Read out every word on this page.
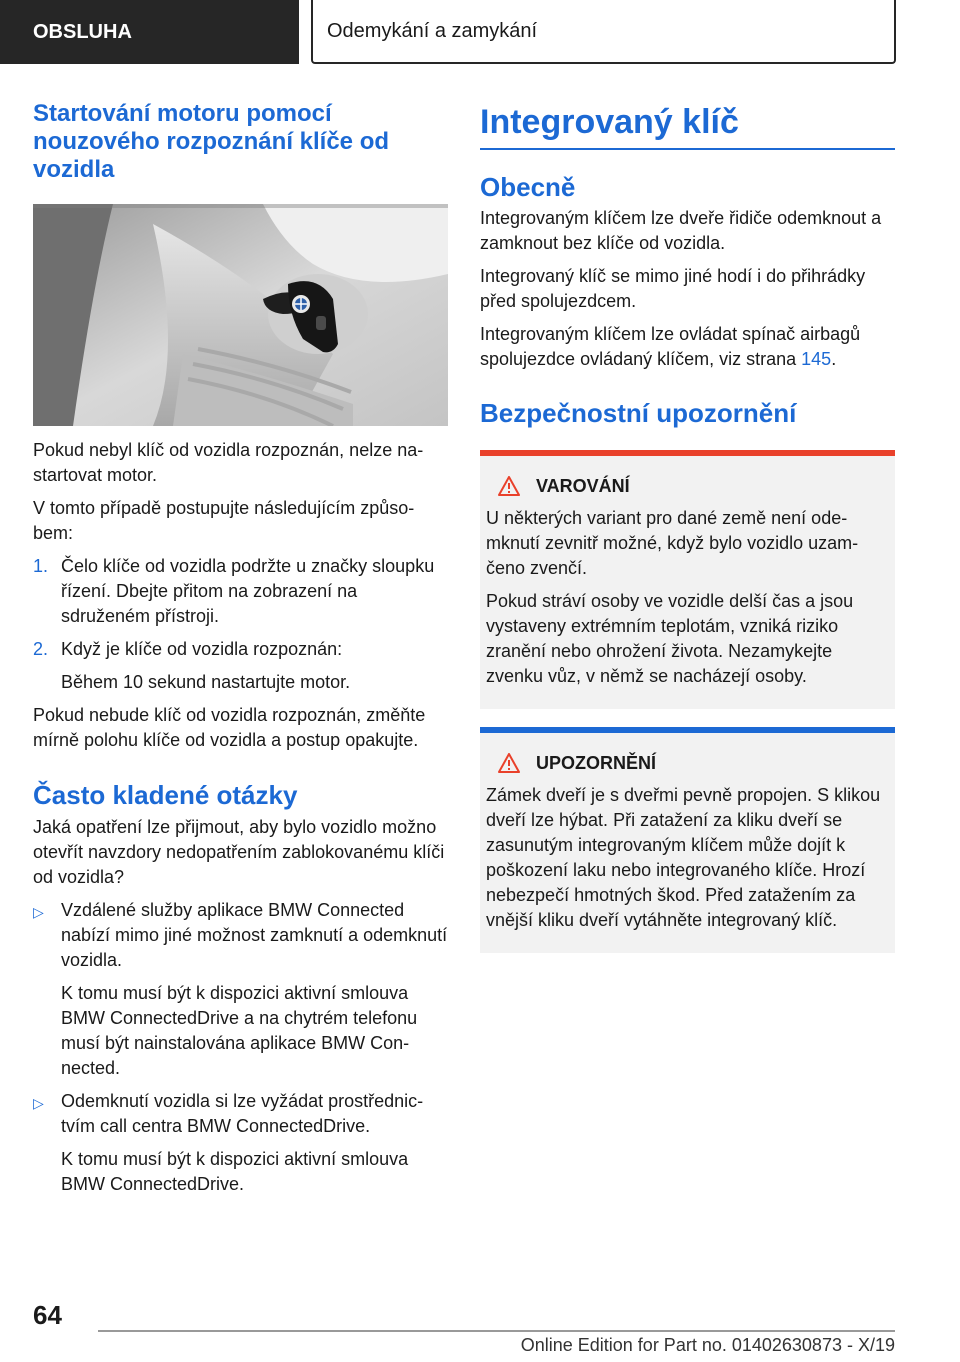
OBSLUHA	Odemykání a zamykání
Startování motoru pomocí nouzového rozpoznání klíče od vozidla

Pokud nebyl klíč od vozidla rozpoznán, nelze nastartovat motor.

V tomto případě postupujte následujícím způsobem:

1. Čelo klíče od vozidla podržte u značky sloupku řízení. Dbejte přitom na zobrazení na sdruženém přístroji.
2. Když je klíče od vozidla rozpoznán:
Během 10 sekund nastartujte motor.

Pokud nebude klíč od vozidla rozpoznán, změňte mírně polohu klíče od vozidla a postup opakujte.

Často kladené otázky

Jaká opatření lze přijmout, aby bylo vozidlo možno otevřít navzdory nedopatřením zablokovanému klíči od vozidla?

▷ Vzdálené služby aplikace BMW Connected nabízí mimo jiné možnost zamknutí a odemknutí vozidla.
K tomu musí být k dispozici aktivní smlouva BMW ConnectedDrive a na chytrém telefonu musí být nainstalována aplikace BMW Connected.
▷ Odemknutí vozidla si lze vyžádat prostřednictvím call centra BMW ConnectedDrive.
K tomu musí být k dispozici aktivní smlouva BMW ConnectedDrive.
Integrovaný klíč
Obecně

Integrovaným klíčem lze dveře řidiče odemknout a zamknout bez klíče od vozidla.

Integrovaný klíč se mimo jiné hodí i do přihrádky před spolujezdcem.

Integrovaným klíčem lze ovládat spínač airbagů spolujezdce ovládaný klíčem, viz strana 145.

Bezpečnostní upozornění
VAROVÁNÍ

U některých variant pro dané země není odemknutí zevnitř možné, když bylo vozidlo uzamčeno zvenčí.

Pokud stráví osoby ve vozidle delší čas a jsou vystaveny extrémním teplotám, vzniká riziko zranění nebo ohrožení života. Nezamykejte zvenku vůz, v němž se nacházejí osoby.

UPOZORNĚNÍ

Zámek dveří je s dveřmi pevně propojen. S klikou dveří lze hýbat. Při zatažení za kliku dveří se zasunutým integrovaným klíčem může dojít k poškození laku nebo integrovaného klíče. Hrozí nebezpečí hmotných škod. Před zatažením za vnější kliku dveří vytáhněte integrovaný klíč.

64
Online Edition for Part no. 01402630873 - X/19
